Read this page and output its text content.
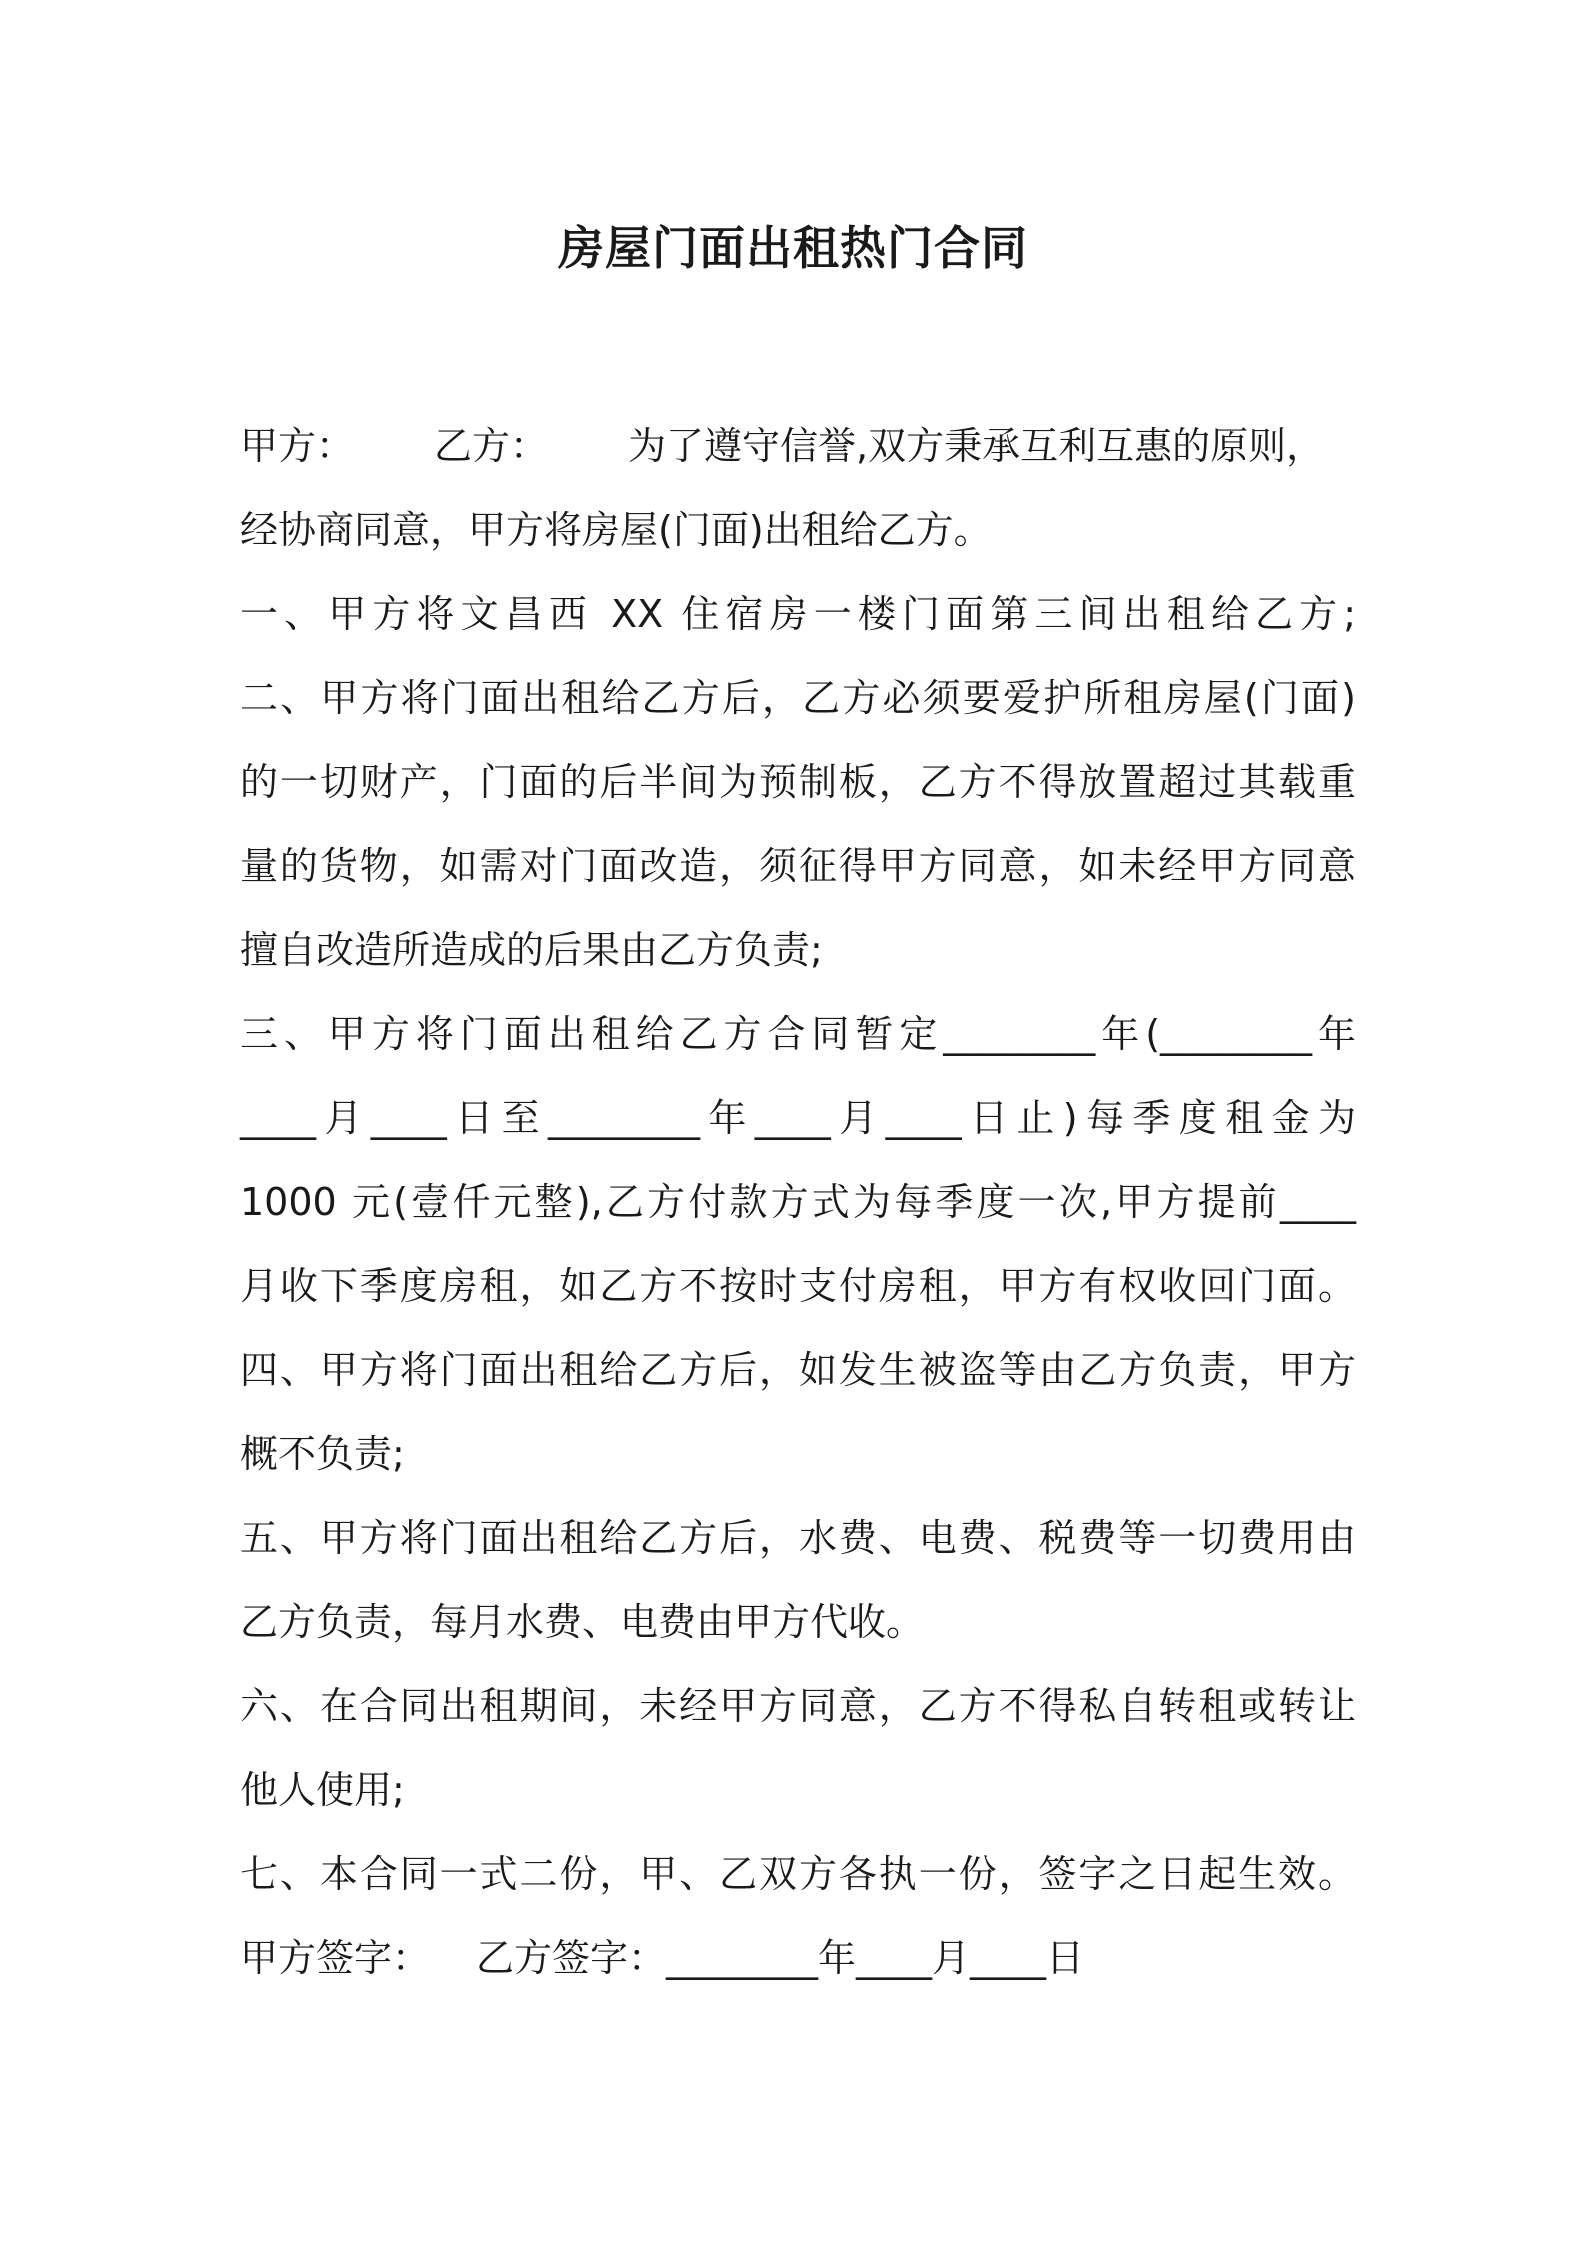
房屋门面出租热门合同
甲方： 乙方： 为了遵守信誉,双方秉承互利互惠的原则，
经协商同意，甲方将房屋(门面)出租给乙方。
一、甲方将文昌西 XX 住宿房一楼门面第三间出租给乙方;
二、甲方将门面出租给乙方后，乙方必须要爱护所租房屋(门面)
的一切财产，门面的后半间为预制板，乙方不得放置超过其载重
量的货物，如需对门面改造，须征得甲方同意，如未经甲方同意
擅自改造所造成的后果由乙方负责;
三、甲方将门面出租给乙方合同暂定________年(________年
____月____日至________年____月____日止)每季度租金为
1000 元(壹仟元整),乙方付款方式为每季度一次,甲方提前____
月收下季度房租，如乙方不按时支付房租，甲方有权收回门面。
四、甲方将门面出租给乙方后，如发生被盗等由乙方负责，甲方
概不负责;
五、甲方将门面出租给乙方后，水费、电费、税费等一切费用由
乙方负责，每月水费、电费由甲方代收。
六、在合同出租期间，未经甲方同意，乙方不得私自转租或转让
他人使用;
七、本合同一式二份，甲、乙双方各执一份，签字之日起生效。
甲方签字： 乙方签字：________年____月____日
